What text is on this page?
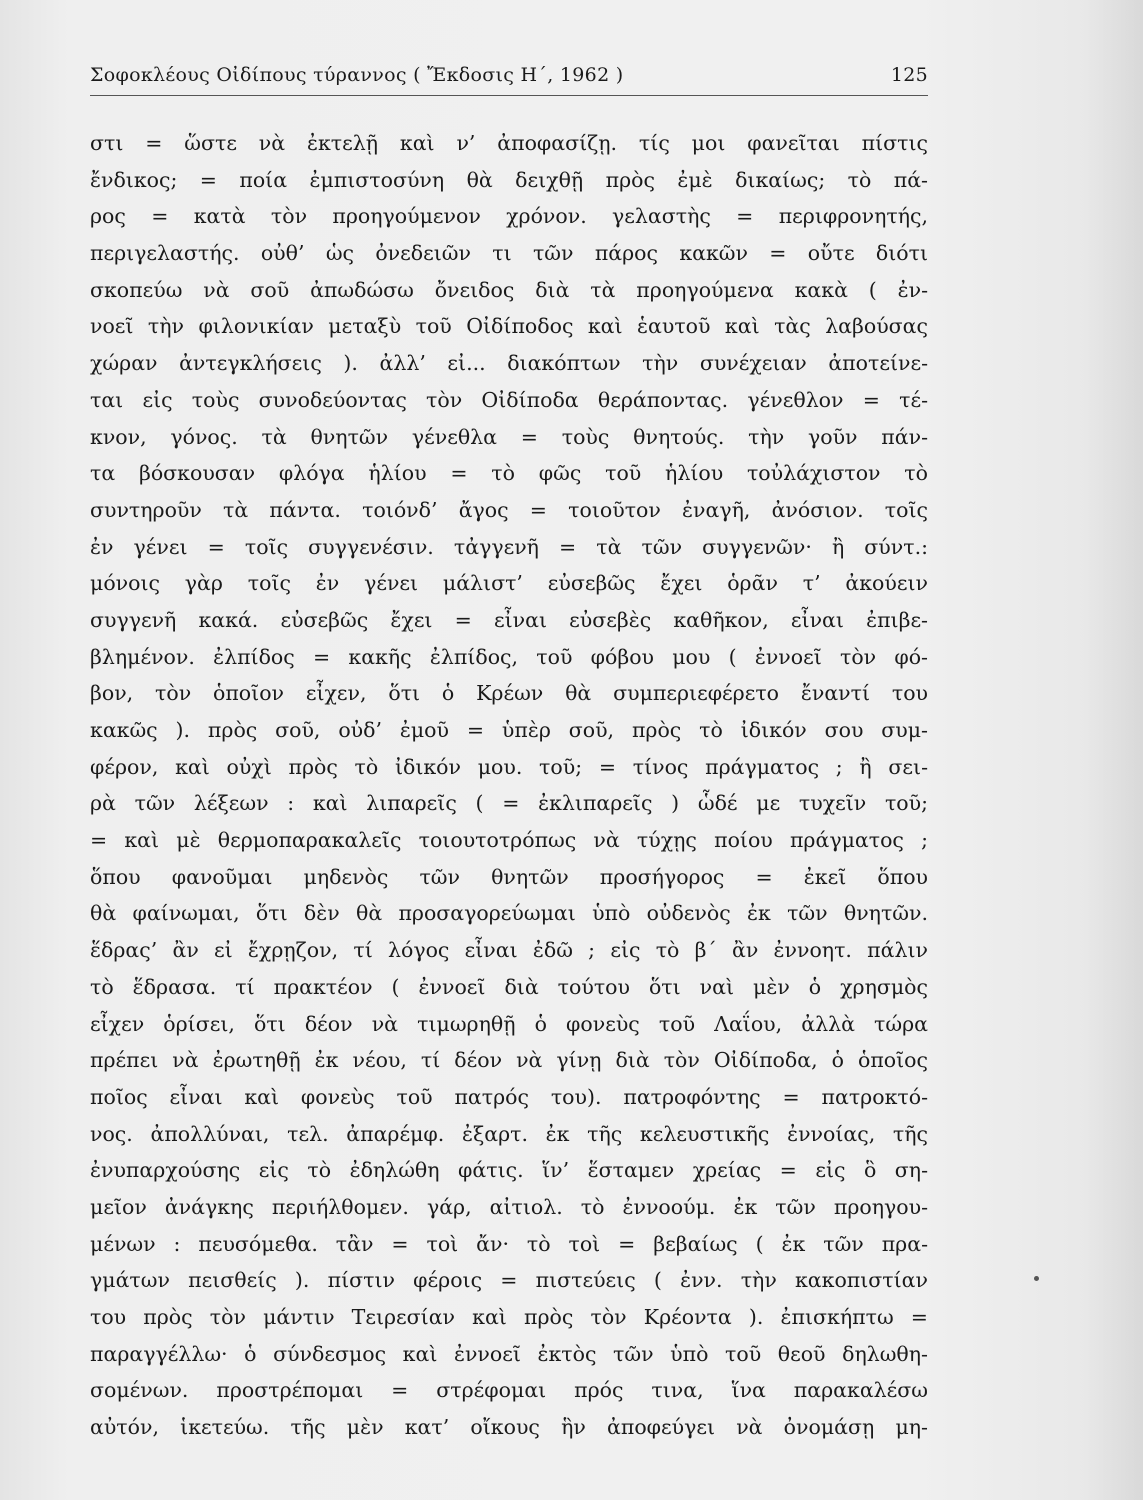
Σοφοκλέους Οἰδίπους τύραννος ( Ἔκδοσις Η΄, 1962 )	125
στι = ὥστε νὰ ἐκτελῇ καὶ ν’ ἀποφασίζῃ. τίς μοι φανεῖται πίστις
ἔνδικος; = ποία ἐμπιστοσύνη θὰ δειχθῇ πρὸς ἐμὲ δικαίως; τὸ πά-
ρος = κατὰ τὸν προηγούμενον χρόνον. γελαστὴς = περιφρονητής,
περιγελαστής. οὐθ’ ὡς ὀνεδειῶν τι τῶν πάρος κακῶν = οὔτε διότι
σκοπεύω νὰ σοῦ ἀπωδώσω ὄνειδος διὰ τὰ προηγούμενα κακὰ ( ἐν-
νοεῖ τὴν φιλονικίαν μεταξὺ τοῦ Οἰδίποδος καὶ ἑαυτοῦ καὶ τὰς λαβούσας
χώραν ἀντεγκλήσεις ). ἀλλ’ εἰ... διακόπτων τὴν συνέχειαν ἀποτείνε-
ται εἰς τοὺς συνοδεύοντας τὸν Οἰδίποδα θεράποντας. γένεθλον = τέ-
κνον, γόνος. τὰ θνητῶν γένεθλα = τοὺς θνητούς. τὴν γοῦν πάν-
τα βόσκουσαν φλόγα ἡλίου = τὸ φῶς τοῦ ἡλίου τοὐλάχιστον τὸ
συντηροῦν τὰ πάντα. τοιόνδ’ ἄγος = τοιοῦτον ἐναγῆ, ἀνόσιον. τοῖς
ἐν γένει = τοῖς συγγενέσιν. τἀγγενῆ = τὰ τῶν συγγενῶν· ἢ σύντ.:
μόνοις γὰρ τοῖς ἐν γένει μάλιστ’ εὐσεβῶς ἔχει ὁρᾶν τ’ ἀκούειν
συγγενῆ κακά. εὐσεβῶς ἔχει = εἶναι εὐσεβὲς καθῆκον, εἶναι ἐπιβε-
βλημένον. ἐλπίδος = κακῆς ἐλπίδος, τοῦ φόβου μου ( ἐννοεῖ τὸν φό-
βον, τὸν ὁποῖον εἶχεν, ὅτι ὁ Κρέων θὰ συμπεριεφέρετο ἔναντί του
κακῶς ). πρὸς σοῦ, οὐδ’ ἐμοῦ = ὑπὲρ σοῦ, πρὸς τὸ ἰδικόν σου συμ-
φέρον, καὶ οὐχὶ πρὸς τὸ ἰδικόν μου. τοῦ; = τίνος πράγματος ; ἢ σει-
ρὰ τῶν λέξεων : καὶ λιπαρεῖς ( = ἐκλιπαρεῖς ) ὧδέ με τυχεῖν τοῦ;
= καὶ μὲ θερμοπαρακαλεῖς τοιουτοτρόπως νὰ τύχῃς ποίου πράγματος ;
ὅπου φανοῦμαι μηδενὸς τῶν θνητῶν προσήγορος = ἐκεῖ ὅπου
θὰ φαίνωμαι, ὅτι δὲν θὰ προσαγορεύωμαι ὑπὸ οὐδενὸς ἐκ τῶν θνητῶν.
ἕδρας’ ἂν εἰ ἔχρῃζον, τί λόγος εἶναι ἐδῶ ; εἰς τὸ β΄ ἂν ἐννοητ. πάλιν
τὸ ἕδρασα. τί πρακτέον ( ἐννοεῖ διὰ τούτου ὅτι ναὶ μὲν ὁ χρησμὸς
εἶχεν ὁρίσει, ὅτι δέον νὰ τιμωρηθῇ ὁ φονεὺς τοῦ Λαΐου, ἀλλὰ τώρα
πρέπει νὰ ἐρωτηθῇ ἐκ νέου, τί δέον νὰ γίνῃ διὰ τὸν Οἰδίποδα, ὁ ὁποῖος
ποῖος εἶναι καὶ φονεὺς τοῦ πατρός του). πατροφόντης = πατροκτό-
νος. ἀπολλύναι, τελ. ἀπαρέμφ. ἐξαρτ. ἐκ τῆς κελευστικῆς ἐννοίας, τῆς
ἐνυπαρχούσης εἰς τὸ ἐδηλώθη φάτις. ἵν’ ἕσταμεν χρείας = εἰς ὃ ση-
μεῖον ἀνάγκης περιήλθομεν. γάρ, αἰτιολ. τὸ ἐννοούμ. ἐκ τῶν προηγου-
μένων : πευσόμεθα. τἂν = τοὶ ἄν· τὸ τοὶ = βεβαίως ( ἐκ τῶν πρα-
γμάτων πεισθείς ). πίστιν φέροις = πιστεύεις ( ἐνν. τὴν κακοπιστίαν
του πρὸς τὸν μάντιν Τειρεσίαν καὶ πρὸς τὸν Κρέοντα ). ἐπισκήπτω =
παραγγέλλω· ὁ σύνδεσμος καὶ ἐννοεῖ ἐκτὸς τῶν ὑπὸ τοῦ θεοῦ δηλωθη-
σομένων. προστρέπομαι = στρέφομαι πρός τινα, ἵνα παρακαλέσω
αὐτόν, ἱκετεύω. τῆς μὲν κατ’ οἴκους ἣν ἀποφεύγει νὰ ὀνομάσῃ μη-
